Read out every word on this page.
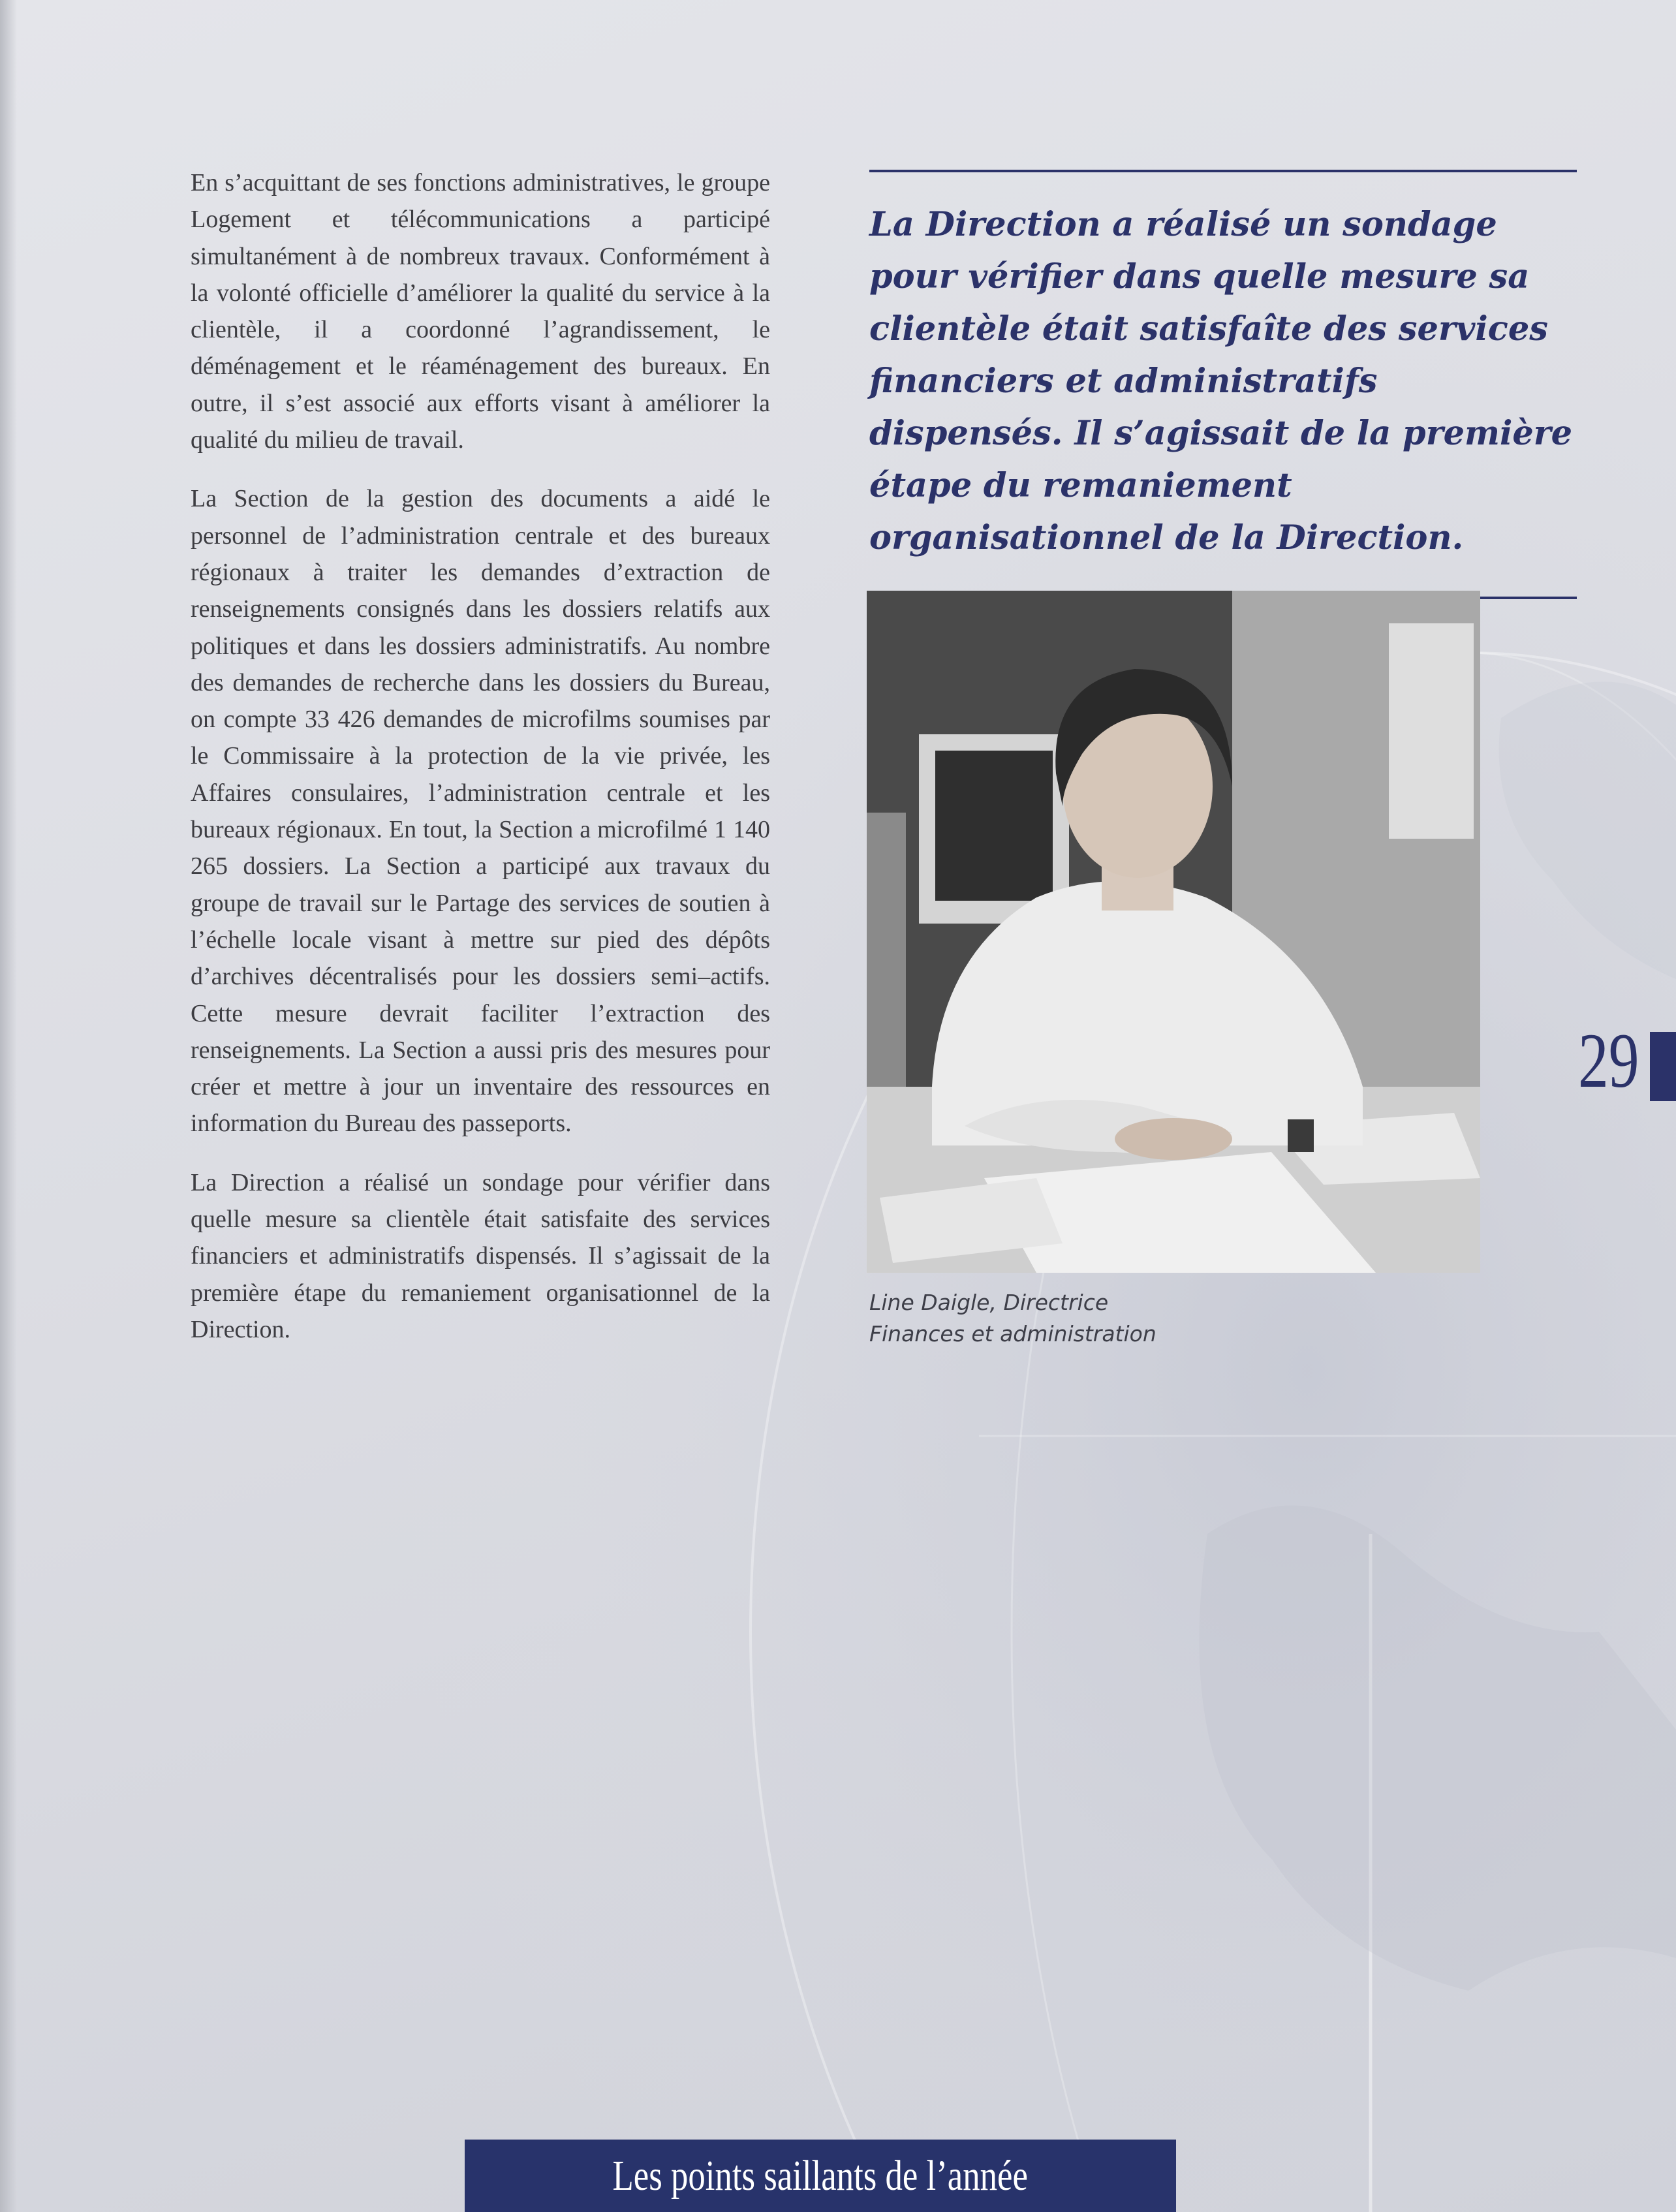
En s’acquittant de ses fonctions administratives, le groupe Logement et télécommunications a participé simultanément à de nombreux travaux. Conformément à la volonté officielle d’améliorer la qualité du service à la clientèle, il a coordonné l’agrandissement, le déménagement et le réaménagement des bureaux. En outre, il s’est associé aux efforts visant à améliorer la qualité du milieu de travail.

La Section de la gestion des documents a aidé le personnel de l’administration centrale et des bureaux régionaux à traiter les demandes d’extraction de renseignements consignés dans les dossiers relatifs aux politiques et dans les dossiers administratifs. Au nombre des demandes de recherche dans les dossiers du Bureau, on compte 33 426 demandes de microfilms soumises par le Commissaire à la protection de la vie privée, les Affaires consulaires, l’administration centrale et les bureaux régionaux. En tout, la Section a microfilmé 1 140 265 dossiers. La Section a participé aux travaux du groupe de travail sur le Partage des services de soutien à l’échelle locale visant à mettre sur pied des dépôts d’archives décentralisés pour les dossiers semi–actifs. Cette mesure devrait faciliter l’extraction des renseignements. La Section a aussi pris des mesures pour créer et mettre à jour un inventaire des ressources en information du Bureau des passeports.

La Direction a réalisé un sondage pour vérifier dans quelle mesure sa clientèle était satisfaite des services financiers et administratifs dispensés. Il s’agissait de la première étape du remaniement organisationnel de la Direction.

La Direction a réalisé un sondage pour vérifier dans quelle mesure sa clientèle était satisfaîte des services financiers et administratifs dispensés. Il s’agissait de la première étape du remaniement organisationnel de la Direction.

Line Daigle, Directrice
Finances et administration
29
Les points saillants de l’année
